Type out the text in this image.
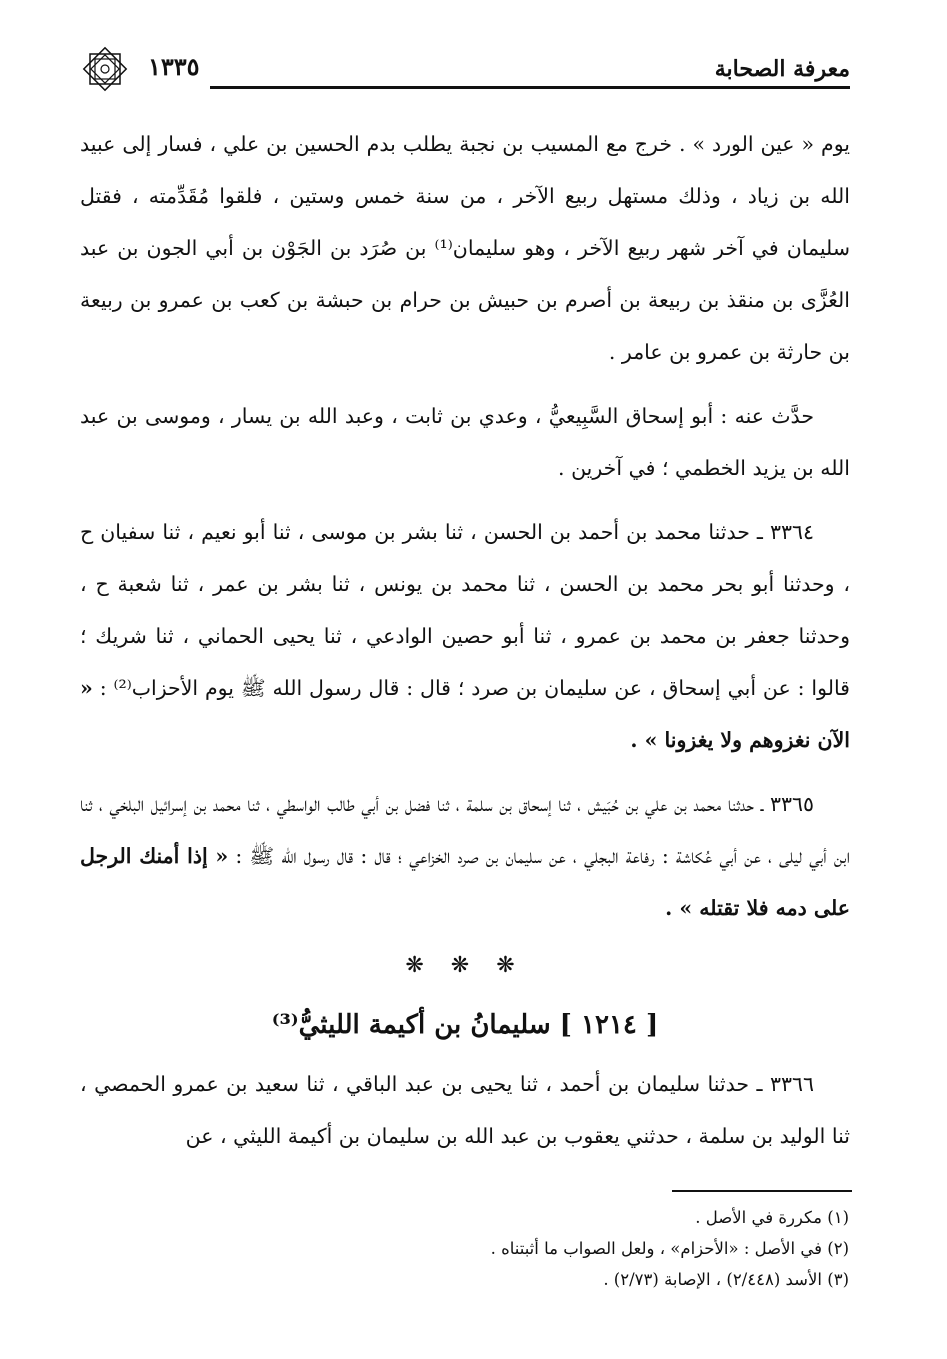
معرفة الصحابة
١٣٣٥

يوم « عين الورد » . خرج مع المسيب بن نجبة يطلب بدم الحسين بن علي ، فسار إلى عبيد الله بن زياد ، وذلك مستهل ربيع الآخر ، من سنة خمس وستين ، فلقوا مُقَدِّمته ، فقتل سليمان في آخر شهر ربيع الآخر ، وهو سليمان⁽¹⁾ بن صُرَد بن الجَوْن بن أبي الجون بن عبد العُزَّى بن منقذ بن ربيعة بن أصرم بن حبيش بن حرام بن حبشة بن كعب بن عمرو بن ربيعة بن حارثة بن عمرو بن عامر .

حدَّث عنه : أبو إسحاق السَّبِيعيُّ ، وعدي بن ثابت ، وعبد الله بن يسار ، وموسى بن عبد الله بن يزيد الخطمي ؛ في آخرين .

٣٣٦٤ ـ حدثنا محمد بن أحمد بن الحسن ، ثنا بشر بن موسى ، ثنا أبو نعيم ، ثنا سفيان ح ، وحدثنا أبو بحر محمد بن الحسن ، ثنا محمد بن يونس ، ثنا بشر بن عمر ، ثنا شعبة ح ، وحدثنا جعفر بن محمد بن عمرو ، ثنا أبو حصين الوادعي ، ثنا يحيى الحماني ، ثنا شريك ؛ قالوا : عن أبي إسحاق ، عن سليمان بن صرد ؛ قال : قال رسول الله ﷺ يوم الأحزاب⁽²⁾ : « الآن نغزوهم ولا يغزونا » .

٣٣٦٥ ـ حدثنا محمد بن علي بن حُبَيش ، ثنا إسحاق بن سلمة ، ثنا فضل بن أبي طالب الواسطي ، ثنا محمد بن إسرائيل البلخي ، ثنا ابن أبي ليلى ، عن أبي عُكاشة : رفاعة البجلي ، عن سليمان بن صرد الخزاعي ؛ قال : قال رسول الله ﷺ : « إذا أمنك الرجل على دمه فلا تقتله » .

❋ ❋ ❋
[ ١٢١٤ ] سليمانُ بن أكيمة الليثيُّ⁽³⁾

٣٣٦٦ ـ حدثنا سليمان بن أحمد ، ثنا يحيى بن عبد الباقي ، ثنا سعيد بن عمرو الحمصي ، ثنا الوليد بن سلمة ، حدثني يعقوب بن عبد الله بن سليمان بن أكيمة الليثي ، عن

(١) مكررة في الأصل .

(٢) في الأصل : «الأحزام» ، ولعل الصواب ما أثبتناه .

(٣) الأسد (٢/٤٤٨) ، الإصابة (٢/٧٣) .
